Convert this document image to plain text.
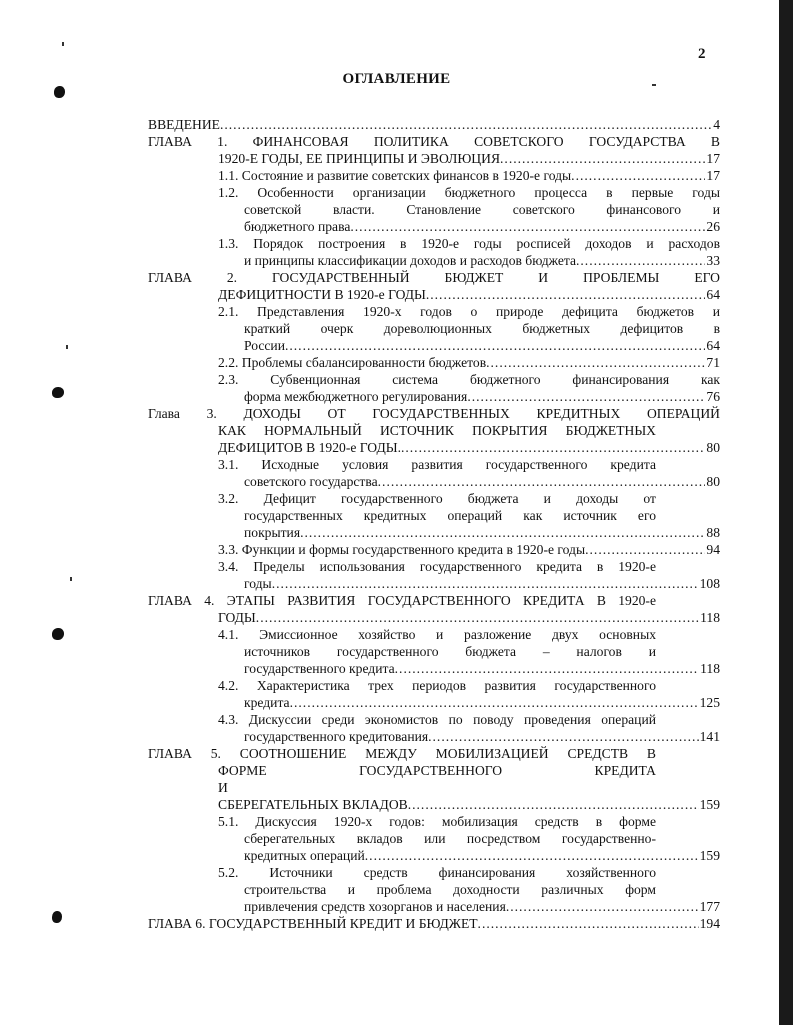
2
ОГЛАВЛЕНИЕ
ВВЕДЕНИЕ .....	4
ГЛАВА 1. ФИНАНСОВАЯ ПОЛИТИКА СОВЕТСКОГО ГОСУДАРСТВА В
1920-Е ГОДЫ, ЕЕ ПРИНЦИПЫ И ЭВОЛЮЦИЯ .....	17
1.1. Состояние и развитие советских финансов в 1920-е годы .....	17
1.2. Особенности организации бюджетного процесса в первые годы
советской власти. Становление советского финансового и
бюджетного права .....	26
1.3. Порядок построения в 1920-е годы росписей доходов и расходов
и принципы классификации доходов и расходов бюджета .....	33
ГЛАВА 2. ГОСУДАРСТВЕННЫЙ БЮДЖЕТ И ПРОБЛЕМЫ ЕГО
ДЕФИЦИТНОСТИ В 1920-е ГОДЫ .....	64
2.1. Представления 1920-х годов о природе дефицита бюджетов и
краткий очерк дореволюционных бюджетных дефицитов в
России .....	64
2.2. Проблемы сбалансированности бюджетов .....	71
2.3. Субвенционная система бюджетного финансирования как
форма межбюджетного регулирования .....	76
Глава 3. ДОХОДЫ ОТ ГОСУДАРСТВЕННЫХ КРЕДИТНЫХ ОПЕРАЦИЙ
КАК НОРМАЛЬНЫЙ ИСТОЧНИК ПОКРЫТИЯ БЮДЖЕТНЫХ
ДЕФИЦИТОВ В 1920-е ГОДЫ. .....	80
3.1. Исходные условия развития государственного кредита
советского государства .....	80
3.2. Дефицит государственного бюджета и доходы от
государственных кредитных операций как источник его
покрытия .....	88
3.3. Функции и формы государственного кредита в 1920-е годы .....	94
3.4. Пределы использования государственного кредита в 1920-е
годы .....	108
ГЛАВА 4. ЭТАПЫ РАЗВИТИЯ ГОСУДАРСТВЕННОГО КРЕДИТА В 1920-е
ГОДЫ .....	118
4.1. Эмиссионное хозяйство и разложение двух основных
источников государственного бюджета – налогов и
государственного кредита .....	118
4.2. Характеристика трех периодов развития государственного
кредита .....	125
4.3. Дискуссии среди экономистов по поводу проведения операций
государственного кредитования .....	141
ГЛАВА 5. СООТНОШЕНИЕ МЕЖДУ МОБИЛИЗАЦИЕЙ СРЕДСТВ В
ФОРМЕ ГОСУДАРСТВЕННОГО КРЕДИТА И
СБЕРЕГАТЕЛЬНЫХ ВКЛАДОВ .....	159
5.1. Дискуссия 1920-х годов: мобилизация средств в форме
сберегательных вкладов или посредством государственно-
кредитных операций .....	159
5.2. Источники средств финансирования хозяйственного
строительства и проблема доходности различных форм
привлечения средств хозорганов и населения .....	177
ГЛАВА 6. ГОСУДАРСТВЕННЫЙ КРЕДИТ И БЮДЖЕТ .....	194
